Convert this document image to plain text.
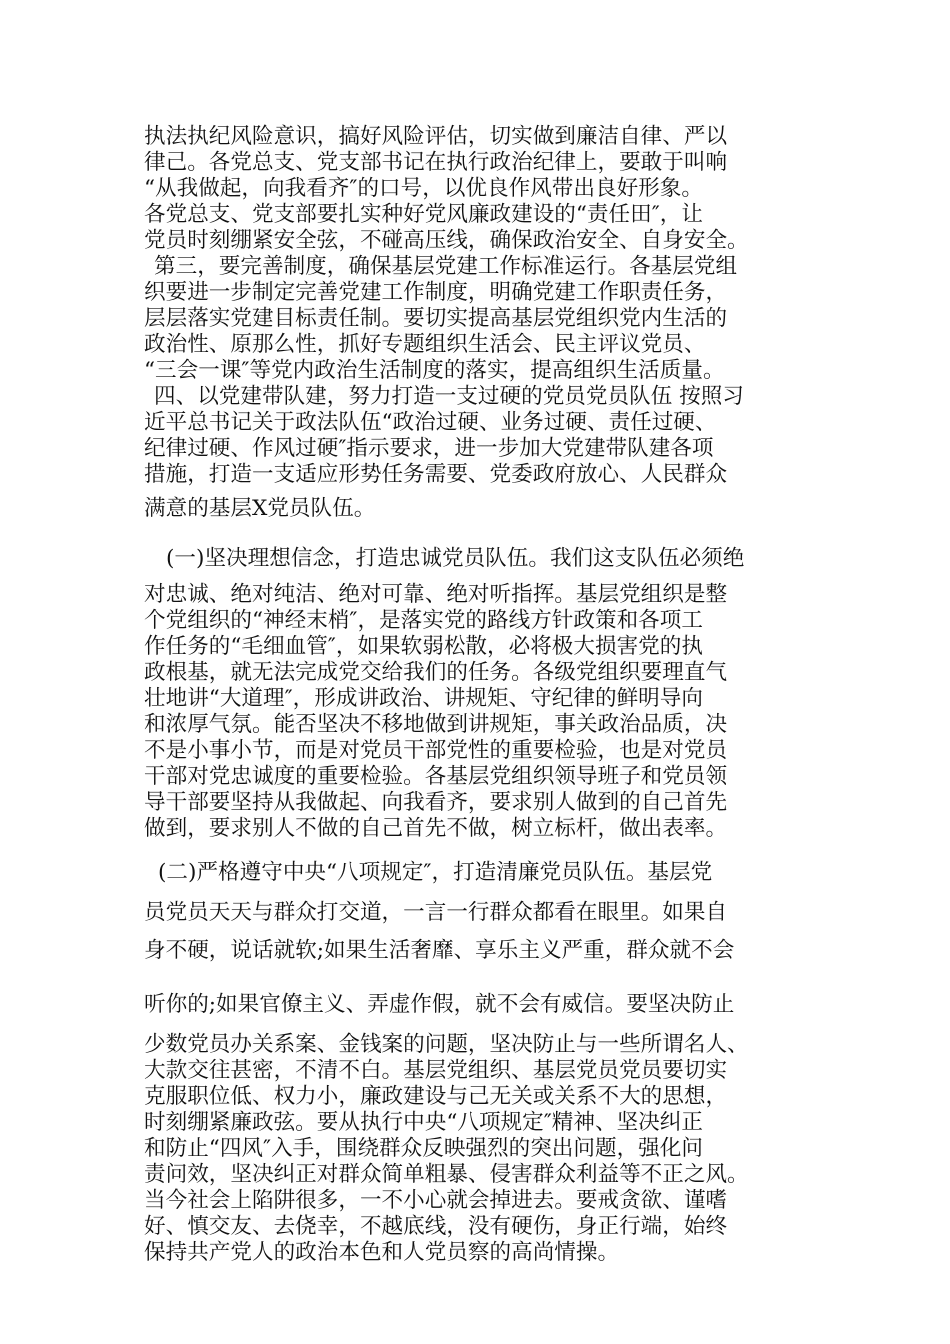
执法执纪风险意识，搞好风险评估，切实做到廉洁自律、严以
律己。各党总支、党支部书记在执行政治纪律上，要敢于叫响
“从我做起，向我看齐″的口号，以优良作风带出良好形象。
各党总支、党支部要扎实种好党风廉政建设的“责任田″，让
党员时刻绷紧安全弦，不碰高压线，确保政治安全、自身安全。
第三，要完善制度，确保基层党建工作标准运行。各基层党组
织要进一步制定完善党建工作制度，明确党建工作职责任务，
层层落实党建目标责任制。要切实提高基层党组织党内生活的
政治性、原那么性，抓好专题组织生活会、民主评议党员、
“三会一课″等党内政治生活制度的落实，提高组织生活质量。
四、以党建带队建，努力打造一支过硬的党员党员队伍 按照习
近平总书记关于政法队伍“政治过硬、业务过硬、责任过硬、
纪律过硬、作风过硬″指示要求，进一步加大党建带队建各项
措施，打造一支适应形势任务需要、党委政府放心、人民群众
满意的基层X党员队伍。
(一)坚决理想信念，打造忠诚党员队伍。我们这支队伍必须绝
对忠诚、绝对纯洁、绝对可靠、绝对听指挥。基层党组织是整
个党组织的“神经末梢″，是落实党的路线方针政策和各项工
作任务的“毛细血管″，如果软弱松散，必将极大损害党的执
政根基，就无法完成党交给我们的任务。各级党组织要理直气
壮地讲“大道理″，形成讲政治、讲规矩、守纪律的鲜明导向
和浓厚气氛。能否坚决不移地做到讲规矩，事关政治品质，决
不是小事小节，而是对党员干部党性的重要检验，也是对党员
干部对党忠诚度的重要检验。各基层党组织领导班子和党员领
导干部要坚持从我做起、向我看齐，要求别人做到的自己首先
做到，要求别人不做的自己首先不做，树立标杆，做出表率。
(二)严格遵守中央“八项规定″，打造清廉党员队伍。基层党
员党员天天与群众打交道，一言一行群众都看在眼里。如果自
身不硬，说话就软;如果生活奢靡、享乐主义严重，群众就不会
听你的;如果官僚主义、弄虚作假，就不会有威信。要坚决防止
少数党员办关系案、金钱案的问题，坚决防止与一些所谓名人、
大款交往甚密，不清不白。基层党组织、基层党员党员要切实
克服职位低、权力小，廉政建设与己无关或关系不大的思想，
时刻绷紧廉政弦。要从执行中央“八项规定″精神、坚决纠正
和防止“四风″入手，围绕群众反映强烈的突出问题，强化问
责问效，坚决纠正对群众简单粗暴、侵害群众利益等不正之风。
当今社会上陷阱很多，一不小心就会掉进去。要戒贪欲、谨嗜
好、慎交友、去侥幸，不越底线，没有硬伤，身正行端，始终
保持共产党人的政治本色和人党员察的高尚情操。
